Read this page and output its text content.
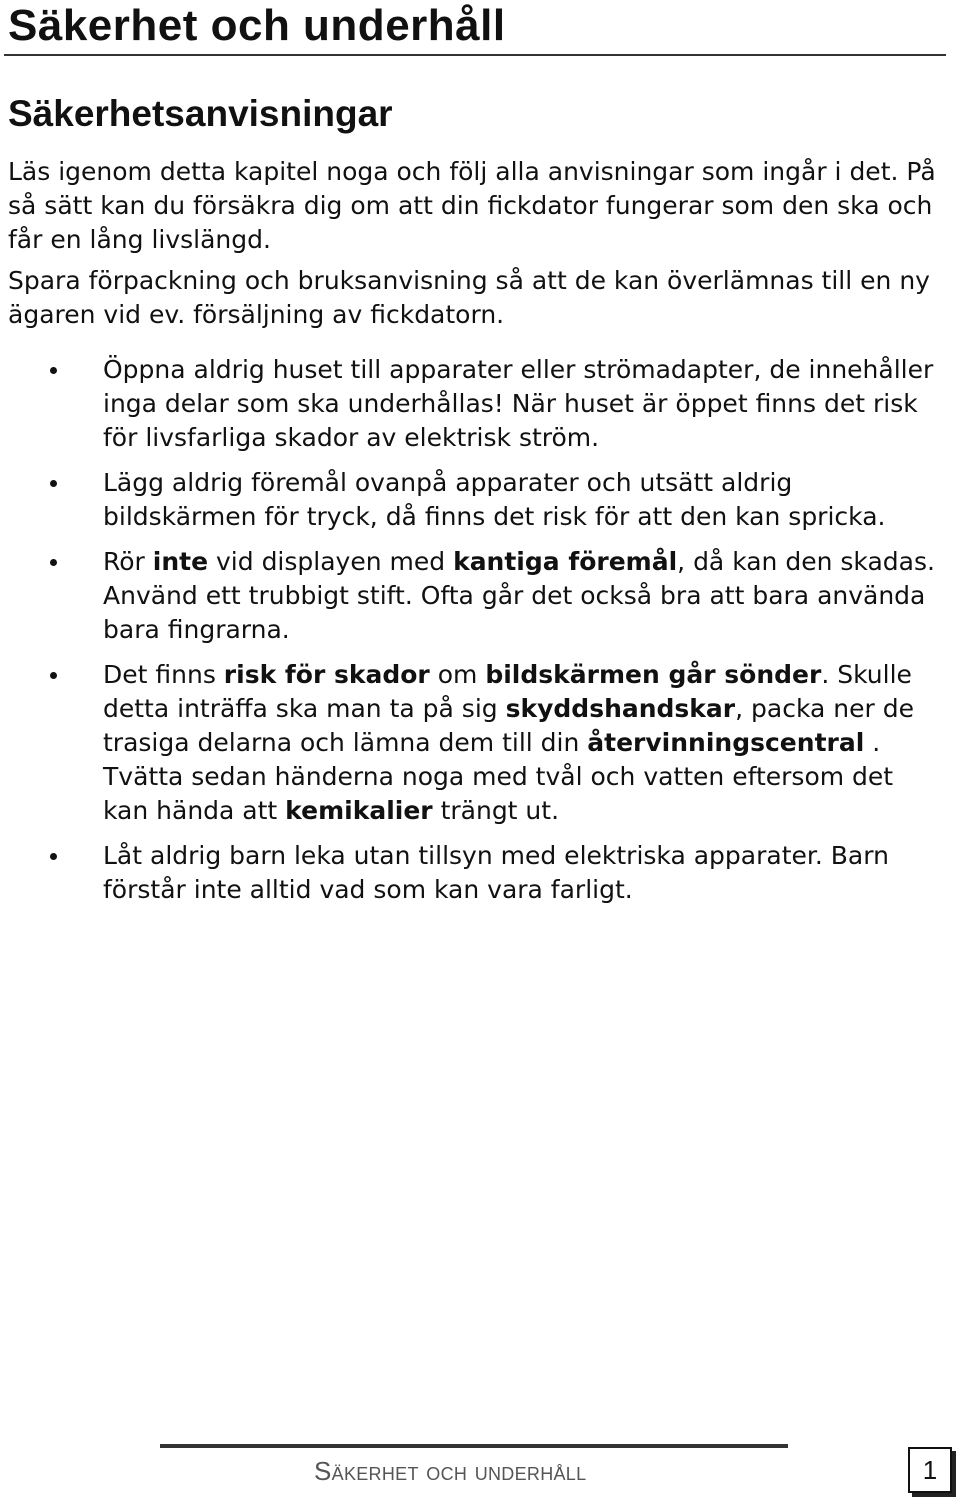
Säkerhet och underhåll
Säkerhetsanvisningar

Läs igenom detta kapitel noga och följ alla anvisningar som ingår i det. På så sätt kan du försäkra dig om att din fickdator fungerar som den ska och får en lång livslängd.

Spara förpackning och bruksanvisning så att de kan överlämnas till en ny ägaren vid ev. försäljning av fickdatorn.

Öppna aldrig huset till apparater eller strömadapter, de innehåller inga delar som ska underhållas! När huset är öppet finns det risk för livsfarliga skador av elektrisk ström.
Lägg aldrig föremål ovanpå apparater och utsätt aldrig bildskärmen för tryck, då finns det risk för att den kan spricka.
Rör inte vid displayen med kantiga föremål, då kan den skadas. Använd ett trubbigt stift. Ofta går det också bra att bara använda bara fingrarna.
Det finns risk för skador om bildskärmen går sönder. Skulle detta inträffa ska man ta på sig skyddshandskar, packa ner de trasiga delarna och lämna dem till din återvinningscentral . Tvätta sedan händerna noga med tvål och vatten eftersom det kan hända att kemikalier trängt ut.
Låt aldrig barn leka utan tillsyn med elektriska apparater. Barn förstår inte alltid vad som kan vara farligt.
Säkerhet och underhåll	1
